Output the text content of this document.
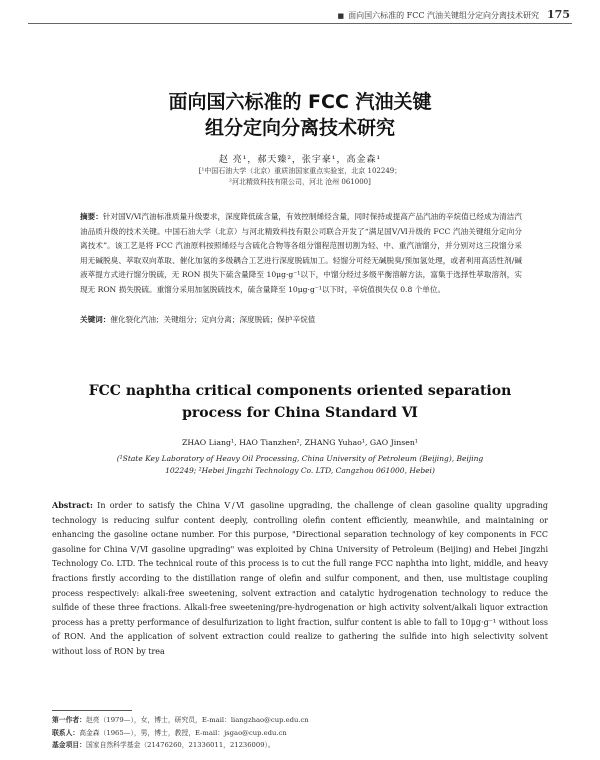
■ 面向国六标准的 FCC 汽油关键组分定向分离技术研究 175
面向国六标准的 FCC 汽油关键
组分定向分离技术研究
赵 亮¹，郝天臻²，张宇豪¹，高金森¹
[¹中国石油大学（北京）重质油国家重点实验室，北京 102249；
²河北精致科技有限公司，河北 沧州 061000]
摘要：针对国Ⅴ/Ⅵ汽油标准质量升级要求，深度降低硫含量，有效控制烯烃含量，同时保持或提高产品汽油的辛烷值已经成为清洁汽油品质升级的技术关键。中国石油大学（北京）与河北精致科技有限公司联合开发了“满足国Ⅴ/Ⅵ升级的 FCC 汽油关键组分定向分离技术”。该工艺是将 FCC 汽油原料按照烯烃与含硫化合物等各组分馏程范围切割为轻、中、重汽油馏分，并分别对这三段馏分采用无碱脱臭、萃取双向革取、催化加氢的多级耦合工艺进行深度脱硫加工。轻馏分可经无碱脱臭/预加氢处理，或者利用高活性剂/碱液萃提方式进行馏分脱硫，无 RON 损失下硫含量降至 10μg·g⁻¹以下，中馏分经过多级平衡溶解方法，富集于选择性萃取溶剂，实现无 RON 损失脱硫。重馏分采用加氢脱硫技术，硫含量降至 10μg·g⁻¹以下时，辛烷值损失仅 0.8 个单位。
关键词：催化裂化汽油；关键组分；定向分离；深度脱硫；保护辛烷值
FCC naphtha critical components oriented separation
process for China Standard Ⅵ
ZHAO Liang¹, HAO Tianzhen², ZHANG Yuhao¹, GAO Jinsen¹
(¹State Key Laboratory of Heavy Oil Processing, China University of Petroleum (Beijing), Beijing
102249; ²Hebei Jingzhi Technology Co. LTD, Cangzhou 061000, Hebei)
Abstract: In order to satisfy the China Ⅴ/Ⅵ gasoline upgrading, the challenge of clean gasoline quality upgrading technology is reducing sulfur content deeply, controlling olefin content efficiently, meanwhile, and maintaining or enhancing the gasoline octane number. For this purpose, "Directional separation technology of key components in FCC gasoline for China Ⅴ/Ⅵ gasoline upgrading" was exploited by China University of Petroleum (Beijing) and Hebei Jingzhi Technology Co. LTD. The technical route of this process is to cut the full range FCC naphtha into light, middle, and heavy fractions firstly according to the distillation range of olefin and sulfur component, and then, use multistage coupling process respectively: alkali-free sweetening, solvent extraction and catalytic hydrogenation technology to reduce the sulfide of these three fractions. Alkali-free sweetening/pre-hydrogenation or high activity solvent/alkali liquor extraction process has a pretty performance of desulfurization to light fraction, sulfur content is able to fall to 10μg·g⁻¹ without loss of RON. And the application of solvent extraction could realize to gathering the sulfide into high selectivity solvent without loss of RON by trea
第一作者：赵亮（1979—），女，博士，研究员，E-mail：liangzhao@cup.edu.cn
联系人：高金森（1965—），男，博士，教授，E-mail：jsgao@cup.edu.cn
基金项目：国家自然科学基金（21476260，21336011，21236009）。
